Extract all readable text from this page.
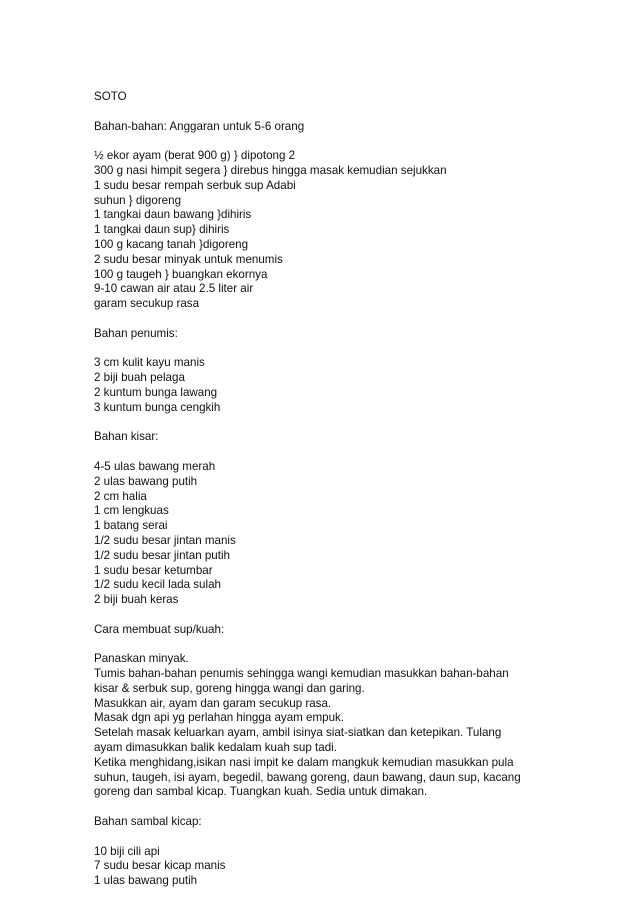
SOTO
Bahan-bahan: Anggaran untuk 5-6 orang
½ ekor ayam (berat 900 g) } dipotong 2
300 g nasi himpit segera } direbus hingga masak kemudian sejukkan
1 sudu besar rempah serbuk sup Adabi
suhun } digoreng
1 tangkai daun bawang }dihiris
1 tangkai daun sup} dihiris
100 g kacang tanah }digoreng
2 sudu besar minyak untuk menumis
100 g taugeh } buangkan ekornya
9-10 cawan air atau 2.5 liter air
garam secukup rasa
Bahan penumis:
3 cm kulit kayu manis
2 biji buah pelaga
2 kuntum bunga lawang
3 kuntum bunga cengkih
Bahan kisar:
4-5 ulas bawang merah
2 ulas bawang putih
2 cm halia
1 cm lengkuas
1 batang serai
1/2 sudu besar jintan manis
1/2 sudu besar jintan putih
1 sudu besar ketumbar
1/2 sudu kecil lada sulah
2 biji buah keras
Cara membuat sup/kuah:
Panaskan minyak.
Tumis bahan-bahan penumis sehingga wangi kemudian masukkan bahan-bahan
kisar & serbuk sup, goreng hingga wangi dan garing.
Masukkan air, ayam dan garam secukup rasa.
Masak dgn api yg perlahan hingga ayam empuk.
Setelah masak keluarkan ayam, ambil isinya siat-siatkan dan ketepikan. Tulang
ayam dimasukkan balik kedalam kuah sup tadi.
Ketika menghidang,isikan nasi impit ke dalam mangkuk kemudian masukkan pula
suhun, taugeh, isi ayam, begedil, bawang goreng, daun bawang, daun sup, kacang
goreng dan sambal kicap. Tuangkan kuah. Sedia untuk dimakan.
Bahan sambal kicap:
10 biji cili api
7 sudu besar kicap manis
1 ulas bawang putih
